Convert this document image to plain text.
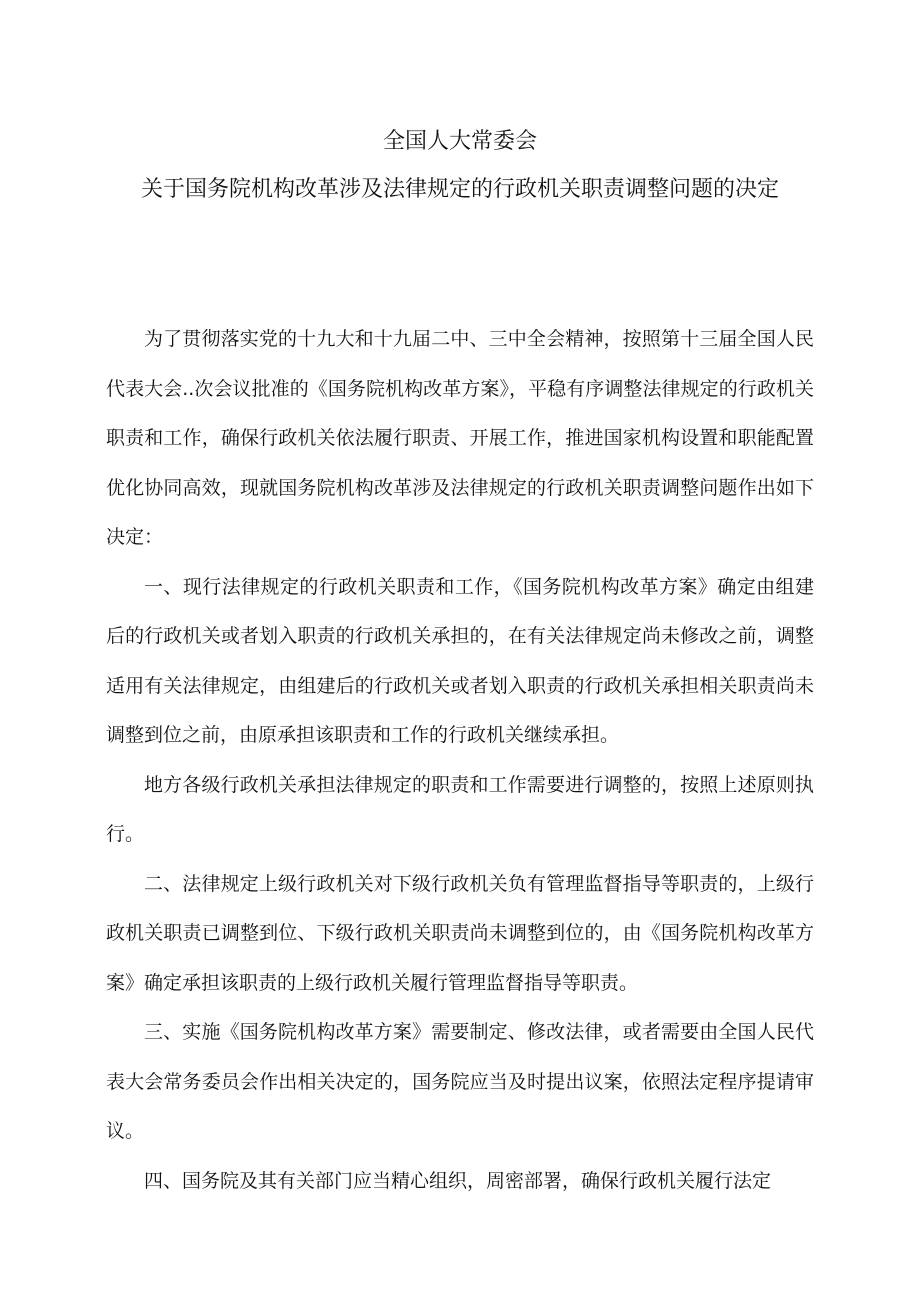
全国人大常委会
关于国务院机构改革涉及法律规定的行政机关职责调整问题的决定

为了贯彻落实党的十九大和十九届二中、三中全会精神，按照第十三届全国人民代表大会..次会议批准的《国务院机构改革方案》，平稳有序调整法律规定的行政机关职责和工作，确保行政机关依法履行职责、开展工作，推进国家机构设置和职能配置优化协同高效，现就国务院机构改革涉及法律规定的行政机关职责调整问题作出如下决定：

一、现行法律规定的行政机关职责和工作，《国务院机构改革方案》确定由组建后的行政机关或者划入职责的行政机关承担的，在有关法律规定尚未修改之前，调整适用有关法律规定，由组建后的行政机关或者划入职责的行政机关承担相关职责尚未调整到位之前，由原承担该职责和工作的行政机关继续承担。

地方各级行政机关承担法律规定的职责和工作需要进行调整的，按照上述原则执行。

二、法律规定上级行政机关对下级行政机关负有管理监督指导等职责的，上级行政机关职责已调整到位、下级行政机关职责尚未调整到位的，由《国务院机构改革方案》确定承担该职责的上级行政机关履行管理监督指导等职责。

三、实施《国务院机构改革方案》需要制定、修改法律，或者需要由全国人民代表大会常务委员会作出相关决定的，国务院应当及时提出议案，依照法定程序提请审议。

四、国务院及其有关部门应当精心组织，周密部署，确保行政机关履行法定
